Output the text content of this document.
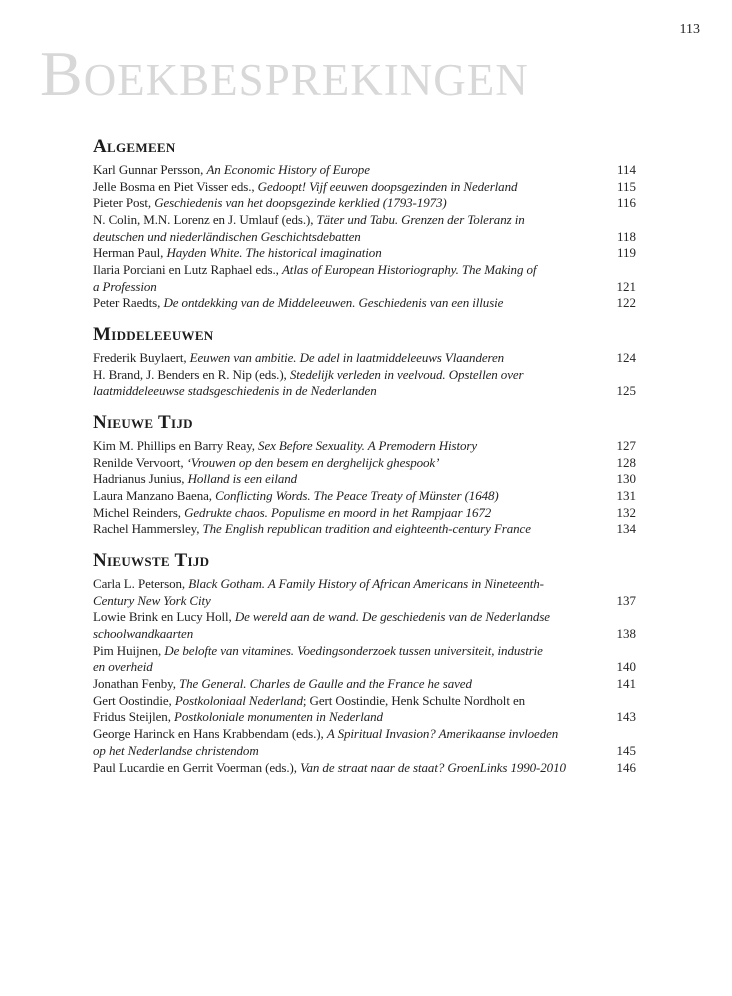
113
Boekbesprekingen
Algemeen
Karl Gunnar Persson, An Economic History of Europe	114
Jelle Bosma en Piet Visser eds., Gedoopt! Vijf eeuwen doopsgezinden in Nederland	115
Pieter Post, Geschiedenis van het doopsgezinde kerklied (1793-1973)	116
N. Colin, M.N. Lorenz en J. Umlauf (eds.), Täter und Tabu. Grenzen der Toleranz in
deutschen und niederländischen Geschichtsdebatten	118
Herman Paul, Hayden White. The historical imagination	119
Ilaria Porciani en Lutz Raphael eds., Atlas of European Historiography. The Making of
a Profession	121
Peter Raedts, De ontdekking van de Middeleeuwen. Geschiedenis van een illusie	122
Middeleeuwen
Frederik Buylaert, Eeuwen van ambitie. De adel in laatmiddeleeuws Vlaanderen	124
H. Brand, J. Benders en R. Nip (eds.), Stedelijk verleden in veelvoud. Opstellen over
laatmiddeleeuwse stadsgeschiedenis in de Nederlanden	125
Nieuwe Tijd
Kim M. Phillips en Barry Reay, Sex Before Sexuality. A Premodern History	127
Renilde Vervoort, ‘Vrouwen op den besem en derghelijck ghespook’	128
Hadrianus Junius, Holland is een eiland	130
Laura Manzano Baena, Conflicting Words. The Peace Treaty of Münster (1648)	131
Michel Reinders, Gedrukte chaos. Populisme en moord in het Rampjaar 1672	132
Rachel Hammersley, The English republican tradition and eighteenth-century France	134
Nieuwste Tijd
Carla L. Peterson, Black Gotham. A Family History of African Americans in Nineteenth-
Century New York City	137
Lowie Brink en Lucy Holl, De wereld aan de wand. De geschiedenis van de Nederlandse
schoolwandkaarten	138
Pim Huijnen, De belofte van vitamines. Voedingsonderzoek tussen universiteit, industrie
en overheid	140
Jonathan Fenby, The General. Charles de Gaulle and the France he saved	141
Gert Oostindie, Postkoloniaal Nederland; Gert Oostindie, Henk Schulte Nordholt en
Fridus Steijlen, Postkoloniale monumenten in Nederland	143
George Harinck en Hans Krabbendam (eds.), A Spiritual Invasion? Amerikaanse invloeden
op het Nederlandse christendom	145
Paul Lucardie en Gerrit Voerman (eds.), Van de straat naar de staat? GroenLinks 1990-2010	146
